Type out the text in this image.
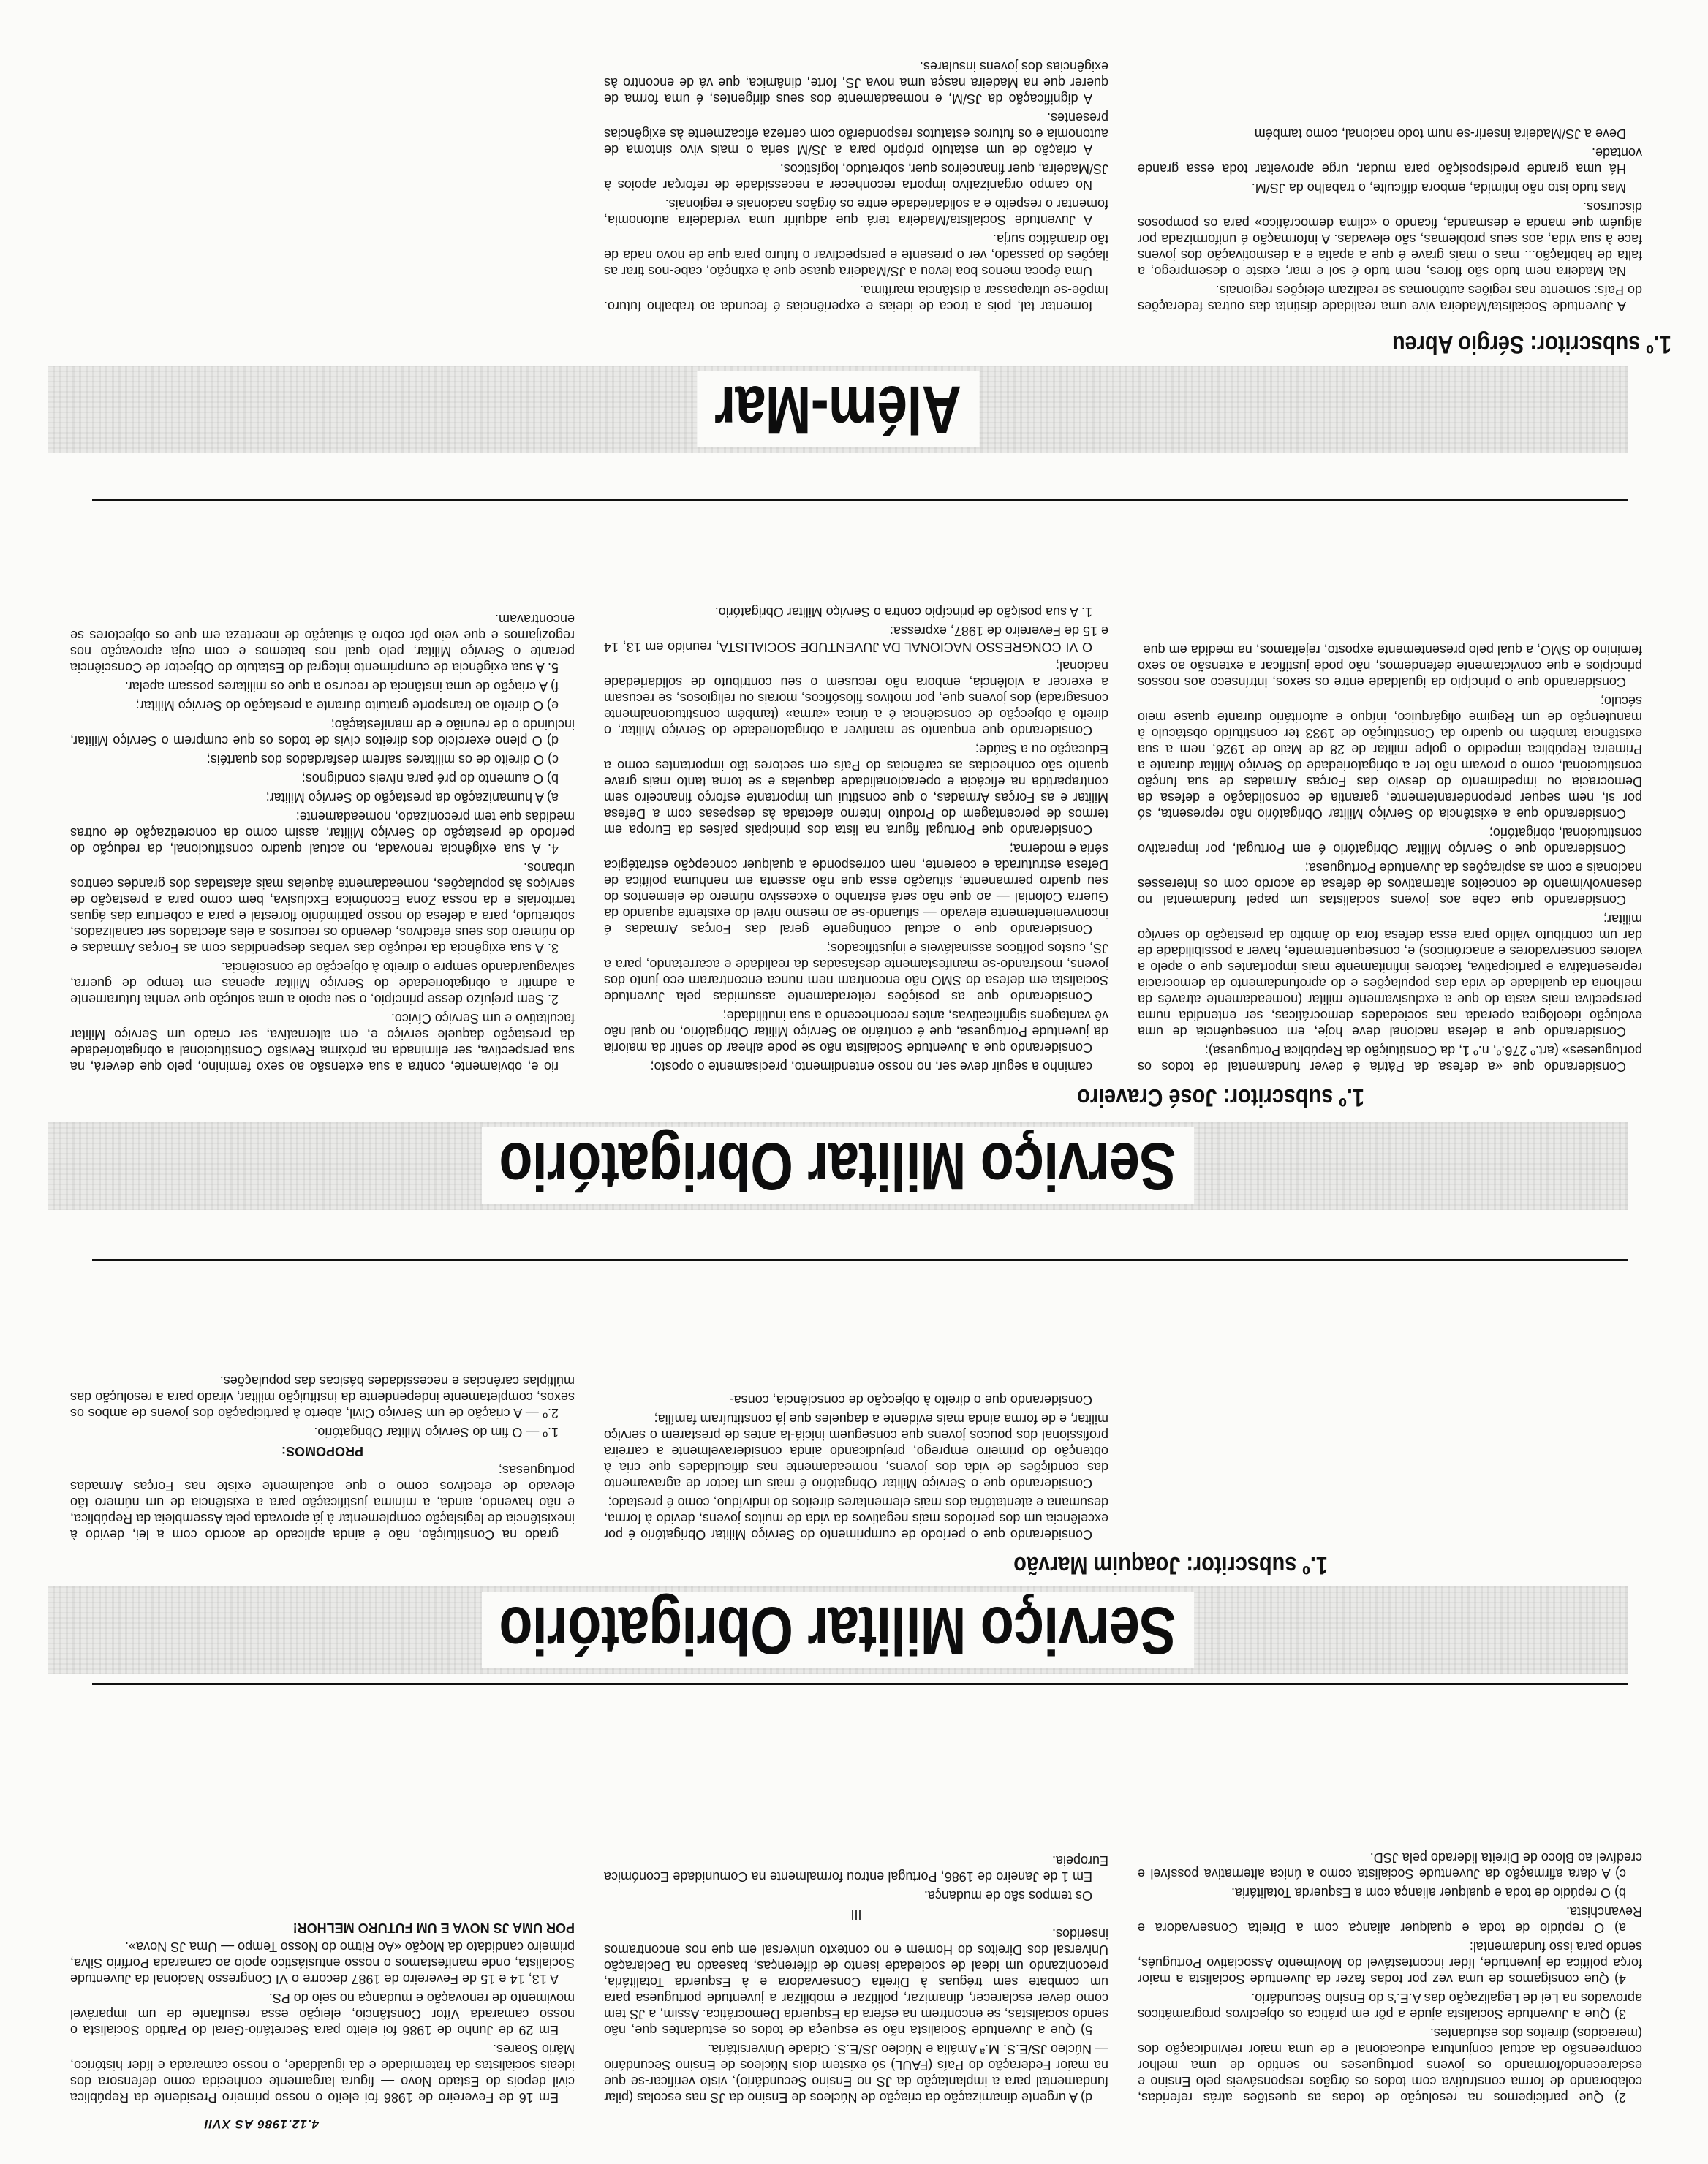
4.12.1986 AS XVII

2) Que participemos na resolução de todas as questões atrás referidas, colaborando de forma construtiva com todos os órgãos responsáveis pelo Ensino e esclarecendo/formando os jovens portugueses no sentido de uma melhor compreensão da actual conjuntura educacional e de uma maior reivindicação dos (merecidos) direitos dos estudantes.

3) Que a Juventude Socialista ajude a pôr em prática os objectivos programáticos aprovados na Lei de Legalização das A.E.'s do Ensino Secundário.

4) Que consigamos de uma vez por todas fazer da Juventude Socialista a maior força política de juventude, líder incontestável do Movimento Associativo Português, sendo para isso fundamental:

a) O repúdio de toda e qualquer aliança com a Direita Conservadora e Revanchista.

b) O repúdio de toda e qualquer aliança com a Esquerda Totalitária.

c) A clara afirmação da Juventude Socialista como a única alternativa possível e credível ao Bloco de Direita liderado pela JSD.

d) A urgente dinamização da criação de Núcleos de Ensino da JS nas escolas (pilar fundamental para a implantação da JS no Ensino Secundário), visto verificar-se que na maior Federação do País (FAUL) só existem dois Núcleos de Ensino Secundário — Núcleo JS/E.S. M.ª Amália e Núcleo JS/E.S. Cidade Universitária.

5) Que a Juventude Socialista não se esqueça de todos os estudantes que, não sendo socialistas, se encontrem na esfera da Esquerda Democrática. Assim, a JS tem como dever esclarecer, dinamizar, politizar e mobilizar a juventude portuguesa para um combate sem tréguas à Direita Conservadora e à Esquerda Totalitária, preconizando um ideal de sociedade isento de diferenças, baseado na Declaração Universal dos Direitos do Homem e no contexto universal em que nos encontramos inseridos.

III

Os tempos são de mudança.

Em 1 de Janeiro de 1986, Portugal entrou formalmente na Comunidade Económica Europeia.

Em 16 de Fevereiro de 1986 foi eleito o nosso primeiro Presidente da República civil depois do Estado Novo — figura largamente conhecida como defensora dos ideais socialistas da fraternidade e da igualdade, o nosso camarada e líder histórico, Mário Soares.

Em 29 de Junho de 1986 foi eleito para Secretário-Geral do Partido Socialista o nosso camarada Vítor Constâncio, eleição essa resultante de um imparável movimento de renovação e mudança no seio do PS.

A 13, 14 e 15 de Fevereiro de 1987 decorre o VI Congresso Nacional da Juventude Socialista, onde manifestamos o nosso entusiástico apoio ao camarada Porfírio Silva, primeiro candidato da Moção «Ao Ritmo do Nosso Tempo — Uma JS Nova».

POR UMA JS NOVA E UM FUTURO MELHOR!

Serviço Militar Obrigatório
1.º subscritor: Joaquim Marvão

Considerando que o período de cumprimento do Serviço Militar Obrigatório é por excelência um dos períodos mais negativos da vida de muitos jovens, devido à forma, desumana e atentatória dos mais elementares direitos do indivíduo, como é prestado;

Considerando que o Serviço Militar Obrigatório é mais um factor de agravamento das condições de vida dos jovens, nomeadamente nas dificuldades que cria à obtenção do primeiro emprego, prejudicando ainda consideravelmente a carreira profissional dos poucos jovens que conseguem iniciá-la antes de prestarem o serviço militar, e de forma ainda mais evidente a daqueles que já constituíram família;

Considerando que o direito à objecção de consciência, consa-

grado na Constituição, não é ainda aplicado de acordo com a lei, devido à inexistência de legislação complementar à já aprovada pela Assembleia da República, e não havendo, ainda, a mínima justificação para a existência de um número tão elevado de efectivos como o que actualmente existe nas Forças Armadas portuguesas;

PROPOMOS:

1.º — O fim do Serviço Militar Obrigatório.

2.º — A criação de um Serviço Civil, aberto à participação dos jovens de ambos os sexos, completamente independente da instituição militar, virado para a resolução das múltiplas carências e necessidades básicas das populações.

Serviço Militar Obrigatório
1.º subscritor: José Craveiro

Considerando que «a defesa da Pátria é dever fundamental de todos os portugueses» (art.º 276.º, n.º 1, da Constituição da República Portuguesa);

Considerando que a defesa nacional deve hoje, em consequência de uma evolução ideológica operada nas sociedades democráticas, ser entendida numa perspectiva mais vasta do que a exclusivamente militar (nomeadamente através da melhoria da qualidade de vida das populações e do aprofundamento da democracia representativa e participativa, factores infinitamente mais importantes que o apelo a valores conservadores e anacrónicos) e, consequentemente, haver a possibilidade de dar um contributo válido para essa defesa fora do âmbito da prestação do serviço militar;

Considerando que cabe aos jovens socialistas um papel fundamental no desenvolvimento de conceitos alternativos de defesa de acordo com os interesses nacionais e com as aspirações da Juventude Portuguesa;

Considerando que o Serviço Militar Obrigatório é em Portugal, por imperativo constitucional, obrigatório;

Considerando que a existência do Serviço Militar Obrigatório não representa, só por si, nem sequer preponderantemente, garantia de consolidação e defesa da Democracia ou impedimento do desvio das Forças Armadas de sua função constitucional, como o provam não ter a obrigatoriedade do Serviço Militar durante a Primeira República impedido o golpe militar de 28 de Maio de 1926, nem a sua existência também no quadro da Constituição de 1933 ter constituído obstáculo à manutenção de um Regime oligárquico, iníquo e autoritário durante quase meio século;

Considerando que o princípio da igualdade entre os sexos, intrínseco aos nossos princípios e que convictamente defendemos, não pode justificar a extensão ao sexo feminino do SMO, a qual pelo presentemente exposto, rejeitamos, na medida em que

caminho a seguir deve ser, no nosso entendimento, precisamente o oposto;

Considerando que a Juventude Socialista não se pode alhear do sentir da maioria da juventude Portuguesa, que é contrário ao Serviço Militar Obrigatório, no qual não vê vantagens significativas, antes reconhecendo a sua inutilidade;

Considerando que as posições reiteradamente assumidas pela Juventude Socialista em defesa do SMO não encontram nem nunca encontraram eco junto dos jovens, mostrando-se manifestamente desfasadas da realidade e acarretando, para a JS, custos políticos assinaláveis e injustificados;

Considerando que o actual contingente geral das Forças Armadas é inconvenientemente elevado — situando-se ao mesmo nível do existente aquando da Guerra Colonial — ao que não será estranho o excessivo número de elementos do seu quadro permanente, situação essa que não assenta em nenhuma política de Defesa estruturada e coerente, nem corresponde a qualquer concepção estratégica séria e moderna;

Considerando que Portugal figura na lista dos principais países da Europa em termos de percentagem do Produto Interno afectada às despesas com a Defesa Militar e as Forças Armadas, o que constitui um importante esforço financeiro sem contrapartida na eficácia e operacionalidade daquelas e se torna tanto mais grave quanto são conhecidas as carências do País em sectores tão importantes como a Educação ou a Saúde;

Considerando que enquanto se mantiver a obrigatoriedade do Serviço Militar, o direito à objecção de consciência é a única «arma» (também constitucionalmente consagrada) dos jovens que, por motivos filosóficos, morais ou religiosos, se recusam a exercer a violência, embora não recusem o seu contributo de solidariedade nacional;

O VI CONGRESSO NACIONAL DA JUVENTUDE SOCIALISTA, reunido em 13, 14 e 15 de Fevereiro de 1987, expressa:

1. A sua posição de princípio contra o Serviço Militar Obrigatório.

rio e, obviamente, contra a sua extensão ao sexo feminino, pelo que deverá, na sua perspectiva, ser eliminada na próxima Revisão Constitucional a obrigatoriedade da prestação daquele serviço e, em alternativa, ser criado um Serviço Militar facultativo e um Serviço Cívico.

2. Sem prejuízo desse princípio, o seu apoio a uma solução que venha futuramente a admitir a obrigatoriedade do Serviço Militar apenas em tempo de guerra, salvaguardando sempre o direito à objecção de consciência.

3. A sua exigência da redução das verbas despendidas com as Forças Armadas e do número dos seus efectivos, devendo os recursos a eles afectados ser canalizados, sobretudo, para a defesa do nosso património florestal e para a cobertura das águas territoriais e da nossa Zona Económica Exclusiva, bem como para a prestação de serviços às populações, nomeadamente àquelas mais afastadas dos grandes centros urbanos.

4. A sua exigência renovada, no actual quadro constitucional, da redução do período de prestação do Serviço Militar, assim como da concretização de outras medidas que tem preconizado, nomeadamente:

a) A humanização da prestação do Serviço Militar;

b) O aumento do pré para níveis condignos;

c) O direito de os militares saírem desfardados dos quartéis;

d) O pleno exercício dos direitos cívis de todos os que cumprem o Serviço Militar, incluindo o de reunião e de manifestação;

e) O direito ao transporte gratuito durante a prestação do Serviço Militar;

f) A criação de uma instância de recurso a que os militares possam apelar.

5. A sua exigência de cumprimento integral do Estatuto do Objector de Consciência perante o Serviço Militar, pelo qual nos batemos e com cuja aprovação nos regozijamos e que veio pôr cobro à situação de incerteza em que os objectores se encontravam.

Além-Mar
1.º subscritor: Sérgio Abreu

A Juventude Socialista/Madeira vive uma realidade distinta das outras federações do País: somente nas regiões autónomas se realizam eleições regionais.

Na Madeira nem tudo são flores, nem tudo é sol e mar, existe o desemprego, a falta de habitação... mas o mais grave é que a apatia e a desmotivação dos jovens face à sua vida, aos seus problemas, são elevadas. A informação é uniformizada por alguém que manda e desmanda, ficando o «clima democrático» para os pomposos discursos.

Mas tudo isto não intimida, embora dificulte, o trabalho da JS/M.

Há uma grande predisposição para mudar, urge aproveitar toda essa grande vontade.

Deve a JS/Madeira inserir-se num todo nacional, como também

fomentar tal, pois a troca de ideias e experiências é fecunda ao trabalho futuro. Impõe-se ultrapassar a distância marítima.

Uma época menos boa levou a JS/Madeira quase que à extinção, cabe-nos tirar as ilações do passado, ver o presente e perspectivar o futuro para que de novo nada de tão dramático surja.

A Juventude Socialista/Madeira terá que adquirir uma verdadeira autonomia, fomentar o respeito e a solidariedade entre os órgãos nacionais e regionais.

No campo organizativo importa reconhecer a necessidade de reforçar apoios à JS/Madeira, quer financeiros quer, sobretudo, logísticos.

A criação de um estatuto próprio para a JS/M seria o mais vivo sintoma de autonomia e os futuros estatutos responderão com certeza eficazmente às exigências presentes.

A dignificação da JS/M, e nomeadamente dos seus dirigentes, é uma forma de querer que na Madeira nasça uma nova JS, forte, dinâmica, que vá de encontro às exigências dos jovens insulares.
